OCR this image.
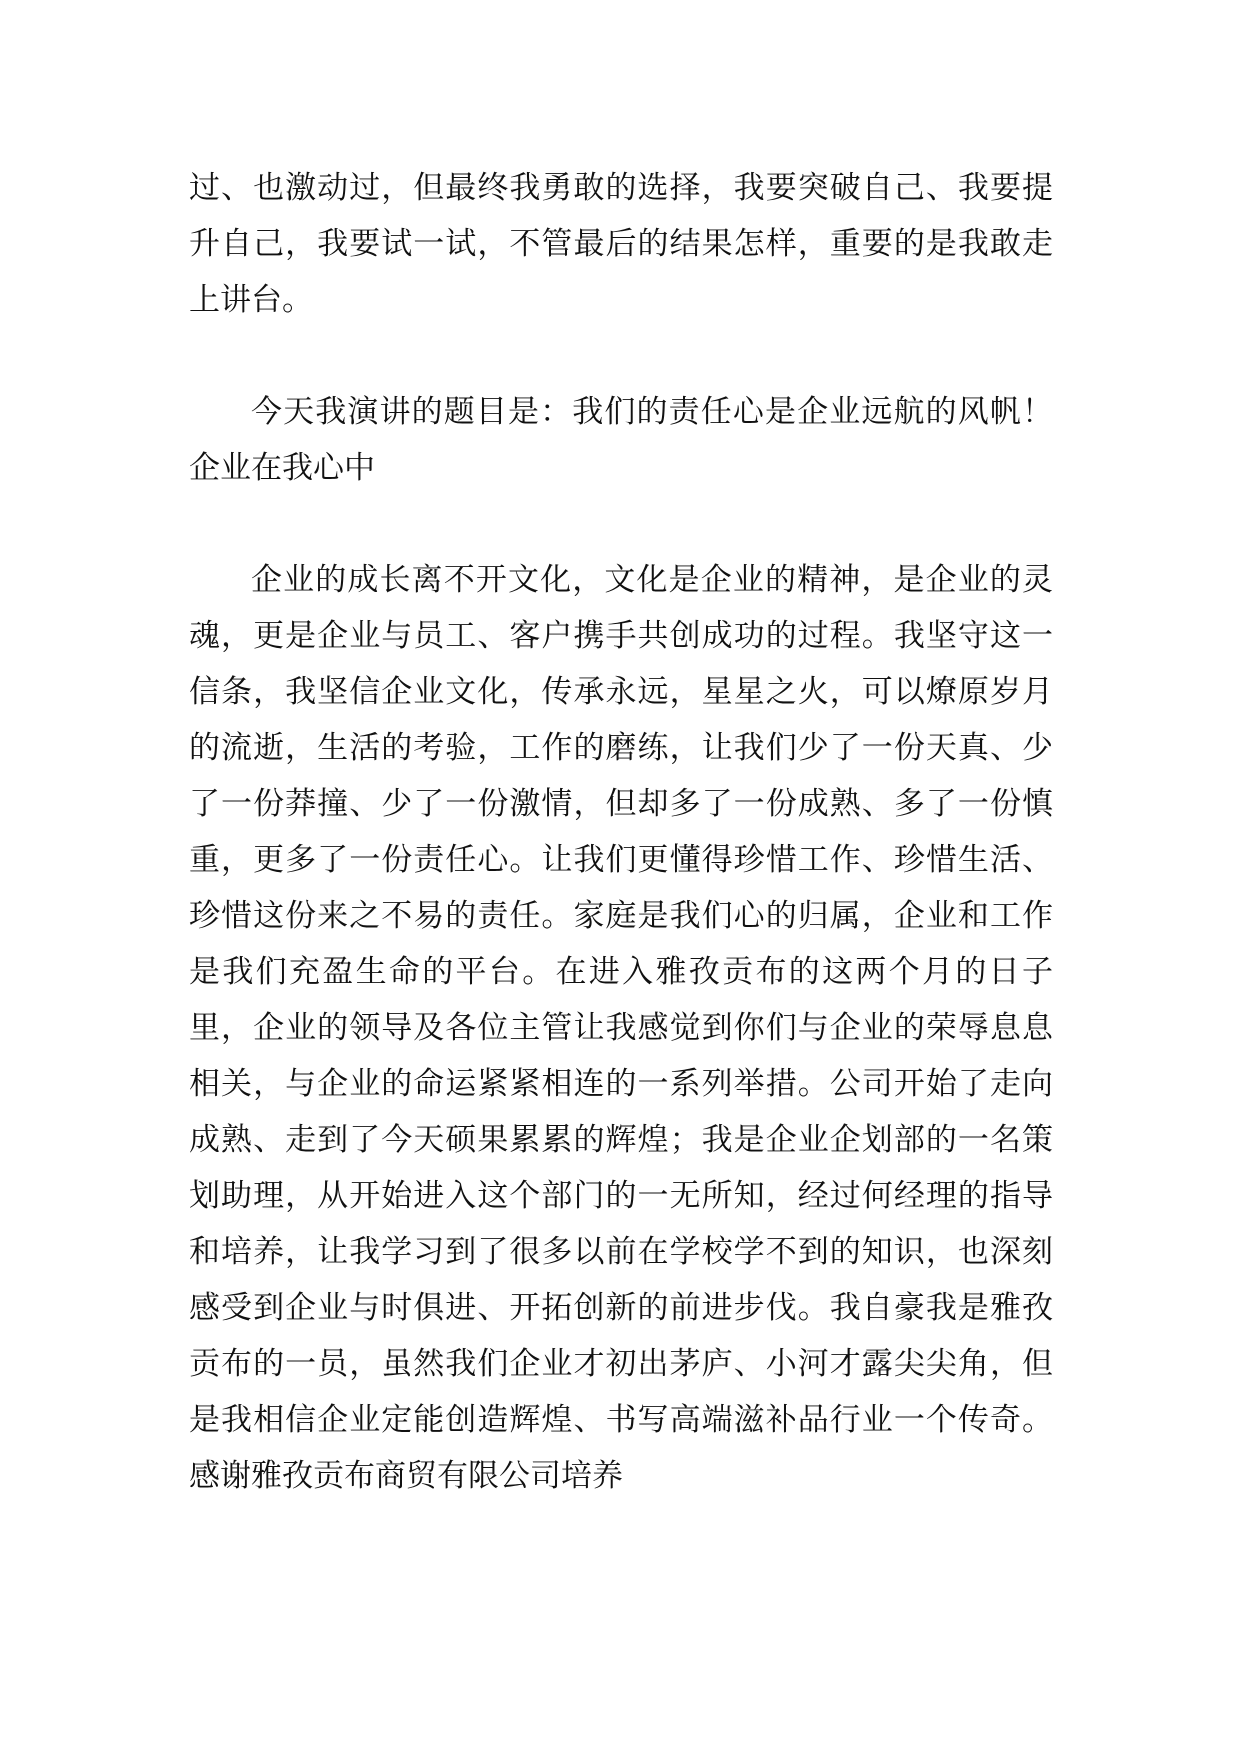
过、也激动过，但最终我勇敢的选择，我要突破自己、我要提升自己，我要试一试，不管最后的结果怎样，重要的是我敢走上讲台。

今天我演讲的题目是：我们的责任心是企业远航的风帆！企业在我心中

企业的成长离不开文化，文化是企业的精神，是企业的灵魂，更是企业与员工、客户携手共创成功的过程。我坚守这一信条，我坚信企业文化，传承永远，星星之火，可以燎原岁月的流逝，生活的考验，工作的磨练，让我们少了一份天真、少了一份莽撞、少了一份激情，但却多了一份成熟、多了一份慎重，更多了一份责任心。让我们更懂得珍惜工作、珍惜生活、珍惜这份来之不易的责任。家庭是我们心的归属，企业和工作是我们充盈生命的平台。在进入雅孜贡布的这两个月的日子里，企业的领导及各位主管让我感觉到你们与企业的荣辱息息相关，与企业的命运紧紧相连的一系列举措。公司开始了走向成熟、走到了今天硕果累累的辉煌；我是企业企划部的一名策划助理，从开始进入这个部门的一无所知，经过何经理的指导和培养，让我学习到了很多以前在学校学不到的知识，也深刻感受到企业与时俱进、开拓创新的前进步伐。我自豪我是雅孜贡布的一员，虽然我们企业才初出茅庐、小河才露尖尖角，但是我相信企业定能创造辉煌、书写高端滋补品行业一个传奇。感谢雅孜贡布商贸有限公司培养
